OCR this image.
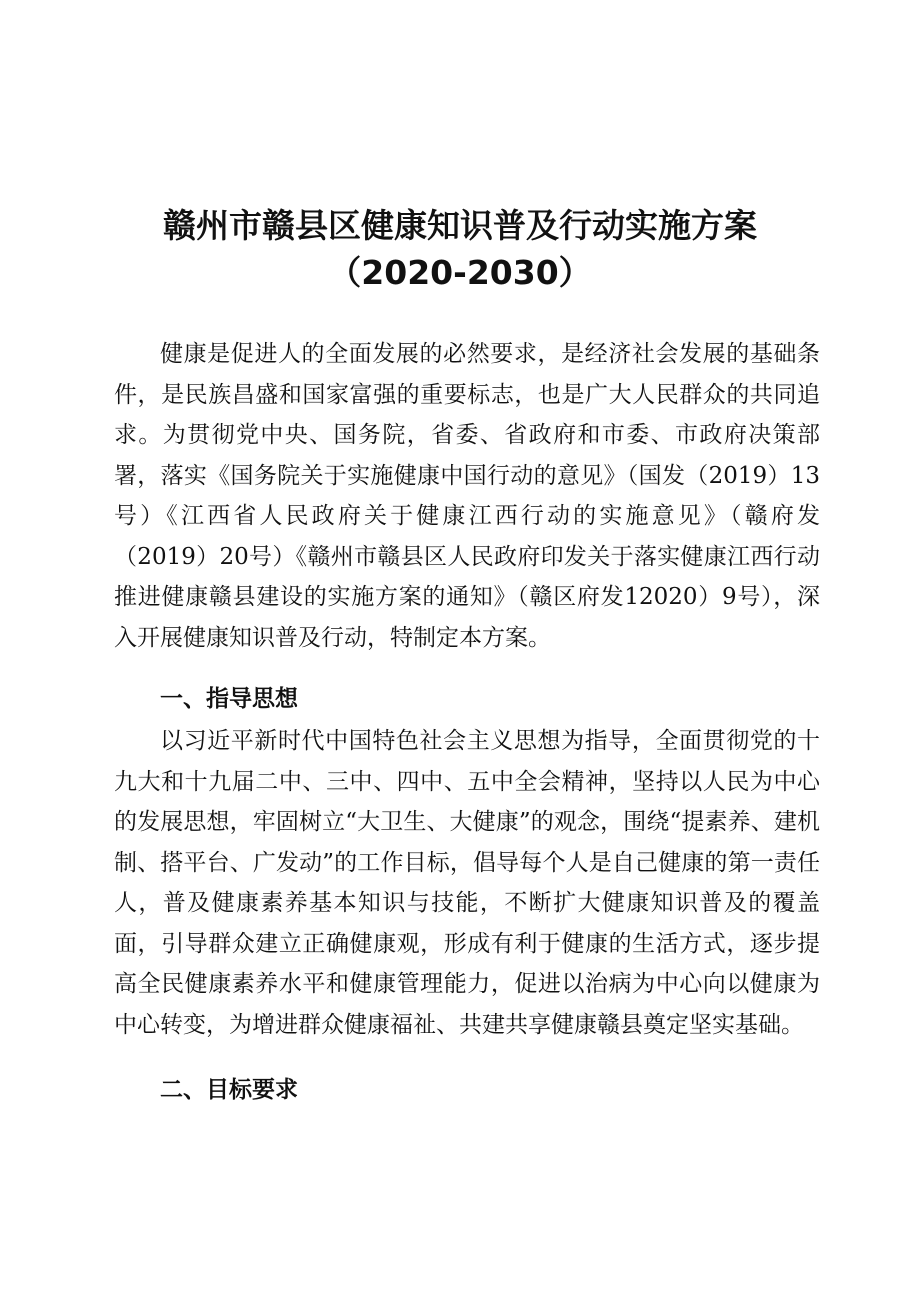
赣州市赣县区健康知识普及行动实施方案
（2020-2030）
健康是促进人的全面发展的必然要求，是经济社会发展的基础条件，是民族昌盛和国家富强的重要标志，也是广大人民群众的共同追求。为贯彻党中央、国务院，省委、省政府和市委、市政府决策部署，落实《国务院关于实施健康中国行动的意见》（国发（2019）13号）《江西省人民政府关于健康江西行动的实施意见》（赣府发（2019）20号）《赣州市赣县区人民政府印发关于落实健康江西行动推进健康赣县建设的实施方案的通知》（赣区府发12020）9号），深入开展健康知识普及行动，特制定本方案。
一、指导思想
以习近平新时代中国特色社会主义思想为指导，全面贯彻党的十九大和十九届二中、三中、四中、五中全会精神，坚持以人民为中心的发展思想，牢固树立“大卫生、大健康”的观念，围绕“提素养、建机制、搭平台、广发动”的工作目标，倡导每个人是自己健康的第一责任人，普及健康素养基本知识与技能，不断扩大健康知识普及的覆盖面，引导群众建立正确健康观，形成有利于健康的生活方式，逐步提高全民健康素养水平和健康管理能力，促进以治病为中心向以健康为中心转变，为增进群众健康福祉、共建共享健康赣县奠定坚实基础。
二、目标要求
